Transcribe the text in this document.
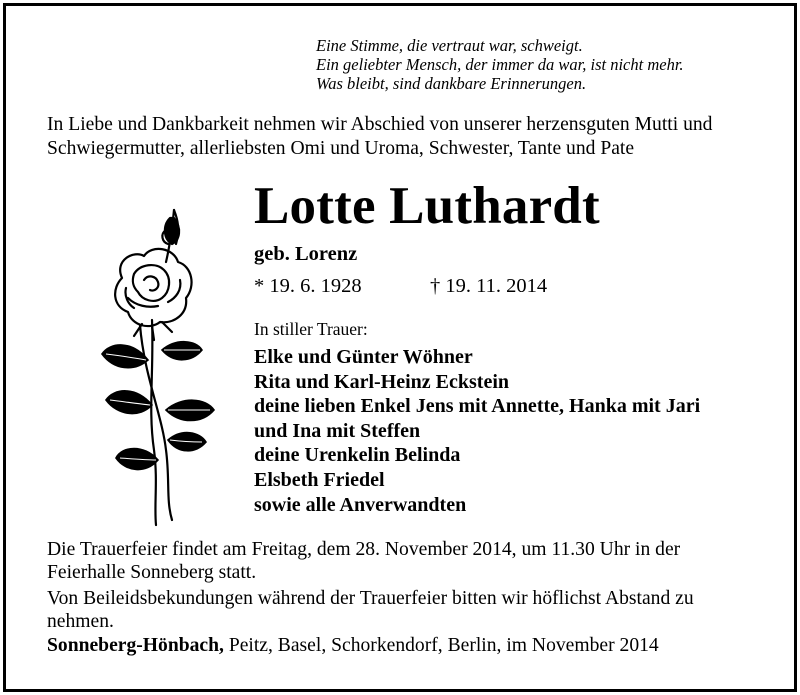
Eine Stimme, die vertraut war, schweigt.
Ein geliebter Mensch, der immer da war, ist nicht mehr.
Was bleibt, sind dankbare Erinnerungen.
In Liebe und Dankbarkeit nehmen wir Abschied von unserer herzensguten Mutti und Schwiegermutter, allerliebsten Omi und Uroma, Schwester, Tante und Pate
Lotte Luthardt
geb. Lorenz
* 19. 6. 1928	† 19. 11. 2014
In stiller Trauer:
Elke und Günter Wöhner
Rita und Karl-Heinz Eckstein
deine lieben Enkel Jens mit Annette, Hanka mit Jari
und Ina mit Steffen
deine Urenkelin Belinda
Elsbeth Friedel
sowie alle Anverwandten
Die Trauerfeier findet am Freitag, dem 28. November 2014, um 11.30 Uhr in der Feierhalle Sonneberg statt.
Von Beileidsbekundungen während der Trauerfeier bitten wir höflichst Abstand zu nehmen.
Sonneberg-Hönbach, Peitz, Basel, Schorkendorf, Berlin, im November 2014
